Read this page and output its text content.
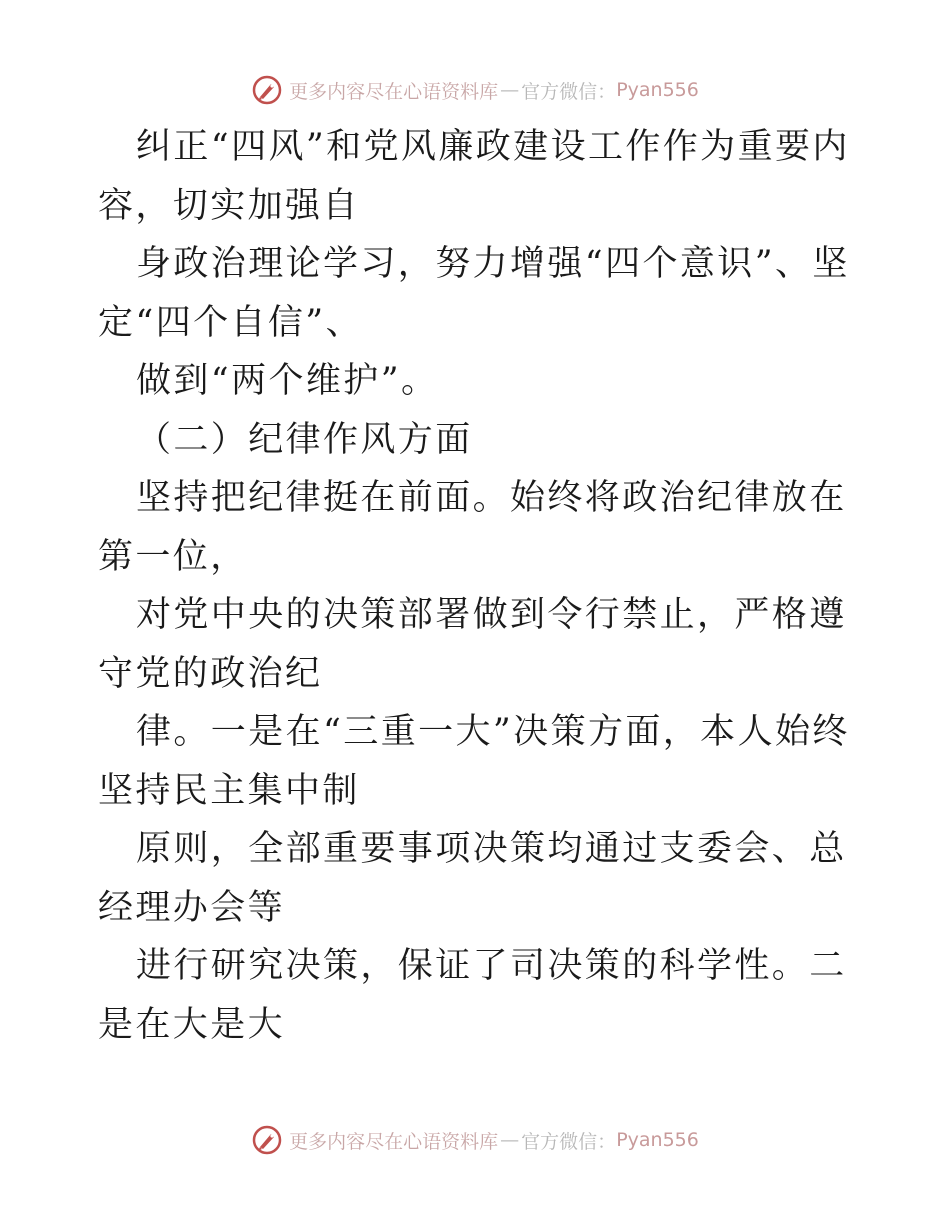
更多内容尽在心语资料库 — 官方微信： Pyan556

纠正“四风”和党风廉政建设工作作为重要内容，切实加强自

身政治理论学习，努力增强“四个意识”、坚定“四个自信”、

做到“两个维护”。

（二）纪律作风方面

坚持把纪律挺在前面。始终将政治纪律放在第一位，

对党中央的决策部署做到令行禁止，严格遵守党的政治纪

律。一是在“三重一大”决策方面，本人始终坚持民主集中制

原则，全部重要事项决策均通过支委会、总经理办会等

进行研究决策，保证了司决策的科学性。二是在大是大

更多内容尽在心语资料库 — 官方微信： Pyan556
